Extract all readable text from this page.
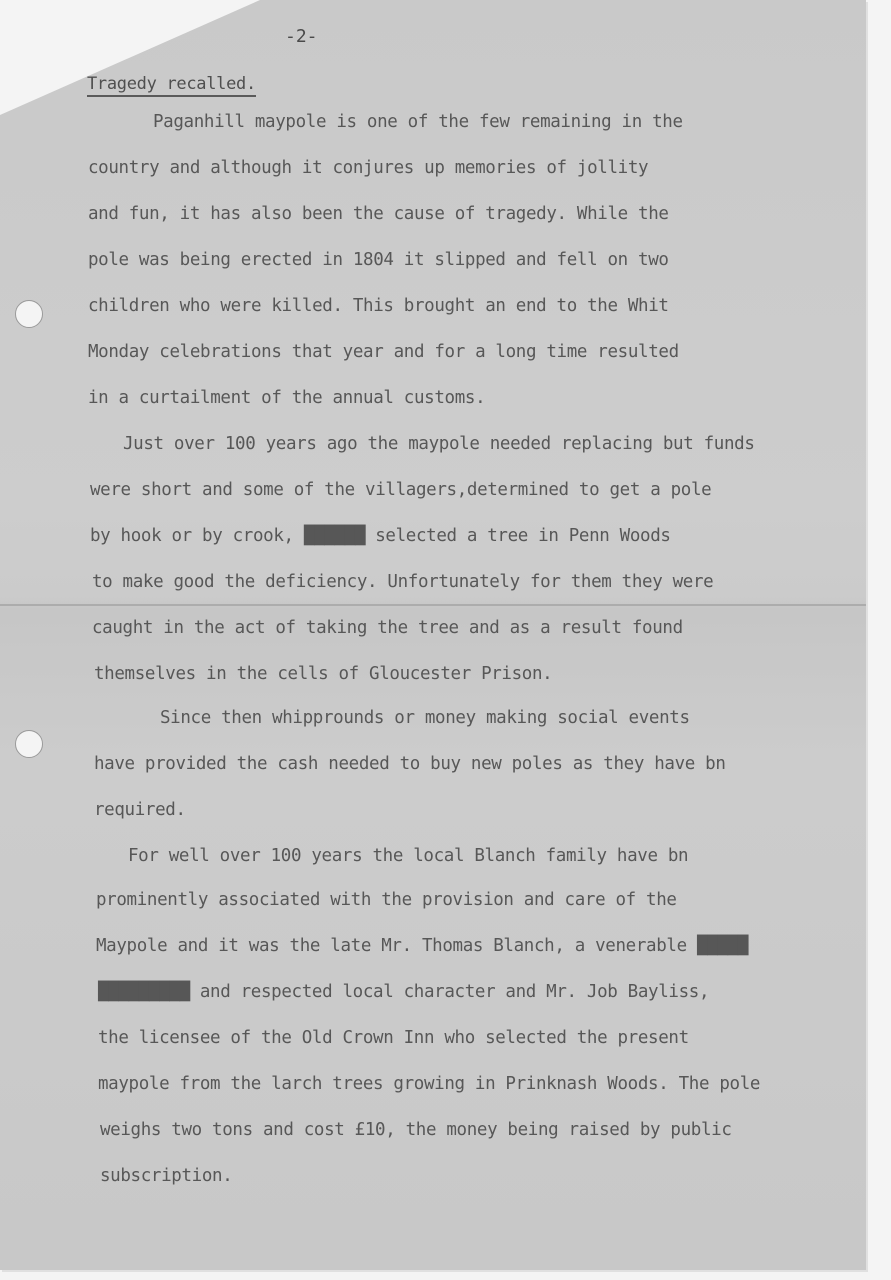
-2-
Tragedy recalled.
Paganhill maypole is one of the few remaining in the
country and although it conjures up memories of jollity
and fun, it has also been the cause of tragedy. While the
pole was being erected in 1804 it slipped and fell on two
children who were killed. This brought an end to the Whit
Monday celebrations that year and for a long time resulted
in a curtailment of the annual customs.
Just over 100 years ago the maypole needed replacing but funds
were short and some of the villagers,determined to get a pole
by hook or by crook, ██████ selected a tree in Penn Woods
to make good the deficiency. Unfortunately for them they were
caught in the act of taking the tree and as a result found
themselves in the cells of Gloucester Prison.
Since then whipprounds or money making social events
have provided the cash needed to buy new poles as they have bn
required.
For well over 100 years the local Blanch family have bn
prominently associated with the provision and care of the
Maypole and it was the late Mr. Thomas Blanch, a venerable █████
█████████ and respected local character and Mr. Job Bayliss,
the licensee of the Old Crown Inn who selected the present
maypole from the larch trees growing in Prinknash Woods. The pole
weighs two tons and cost £10, the money being raised by public
subscription.
